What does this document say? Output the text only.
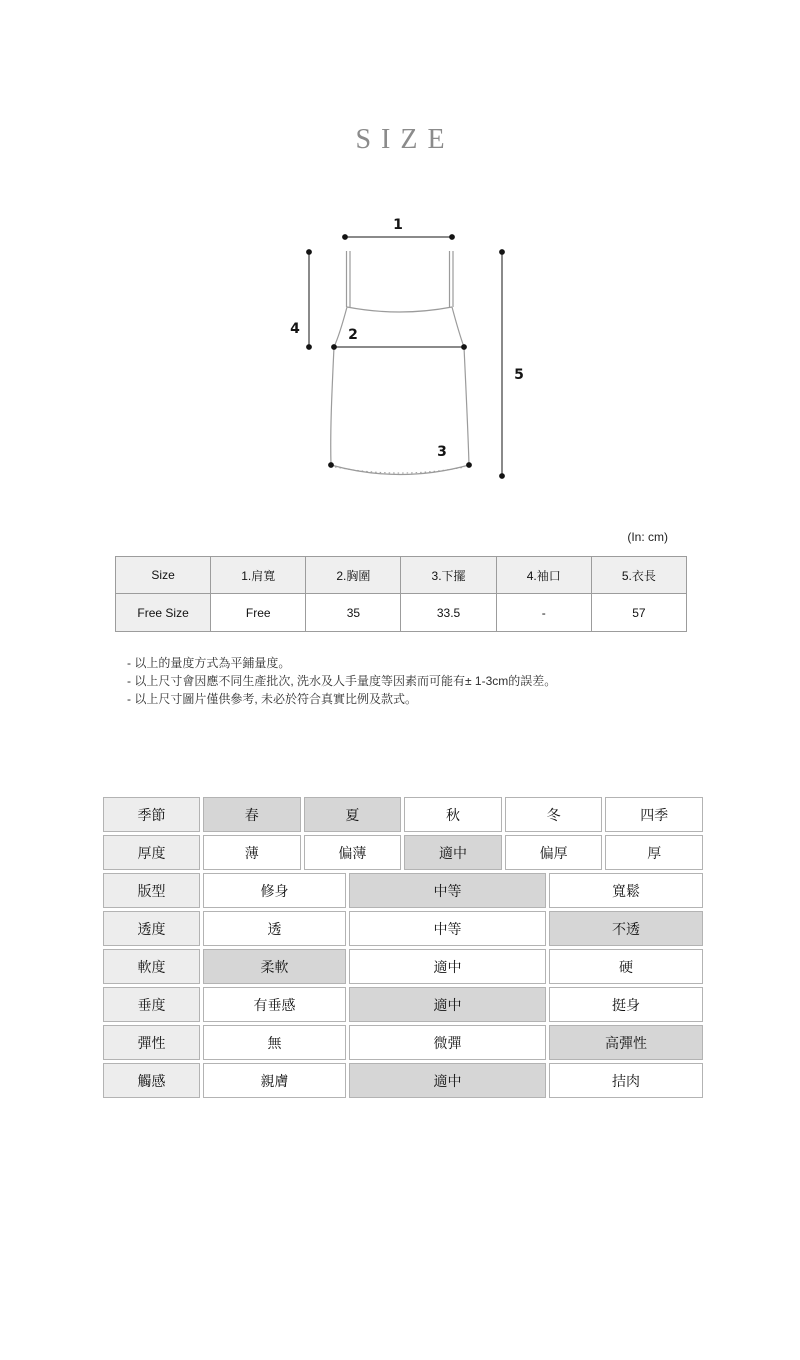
SIZE
1
2
3
4
5
(In: cm)
Size	1.肩寬	2.胸圍	3.下擺	4.袖口	5.衣長
Free Size	Free	35	33.5	-	57
- 以上的量度方式為平鋪量度。
- 以上尺寸會因應不同生產批次, 洗水及人手量度等因素而可能有± 1-3cm的誤差。
- 以上尺寸圖片僅供參考, 未必於符合真實比例及款式。
季節	春	夏	秋	冬	四季
厚度	薄	偏薄	適中	偏厚	厚
版型	修身	中等	寬鬆
透度	透	中等	不透
軟度	柔軟	適中	硬
垂度	有垂感	適中	挺身
彈性	無	微彈	高彈性
觸感	親膚	適中	拮肉
